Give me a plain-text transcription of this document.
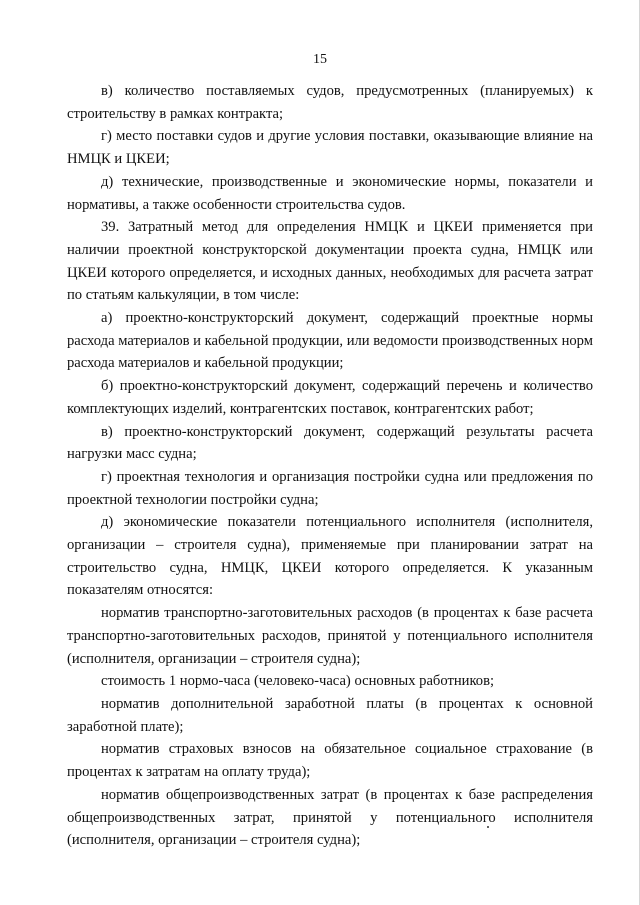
15

в) количество поставляемых судов, предусмотренных (планируемых) к строительству в рамках контракта;

г) место поставки судов и другие условия поставки, оказывающие влияние на НМЦК и ЦКЕИ;

д) технические, производственные и экономические нормы, показатели и нормативы, а также особенности строительства судов.

39. Затратный метод для определения НМЦК и ЦКЕИ применяется при наличии проектной конструкторской документации проекта судна, НМЦК или ЦКЕИ которого определяется, и исходных данных, необходимых для расчета затрат по статьям калькуляции, в том числе:

а) проектно-конструкторский документ, содержащий проектные нормы расхода материалов и кабельной продукции, или ведомости производственных норм расхода материалов и кабельной продукции;

б) проектно-конструкторский документ, содержащий перечень и количество комплектующих изделий, контрагентских поставок, контрагентских работ;

в) проектно-конструкторский документ, содержащий результаты расчета нагрузки масс судна;

г) проектная технология и организация постройки судна или предложения по проектной технологии постройки судна;

д) экономические показатели потенциального исполнителя (исполнителя, организации – строителя судна), применяемые при планировании затрат на строительство судна, НМЦК, ЦКЕИ которого определяется. К указанным показателям относятся:

норматив транспортно-заготовительных расходов (в процентах к базе расчета транспортно-заготовительных расходов, принятой у потенциального исполнителя (исполнителя, организации – строителя судна);

стоимость 1 нормо-часа (человеко-часа) основных работников;

норматив дополнительной заработной платы (в процентах к основной заработной плате);

норматив страховых взносов на обязательное социальное страхование (в процентах к затратам на оплату труда);

норматив общепроизводственных затрат (в процентах к базе распределения общепроизводственных затрат, принятой у потенциального исполнителя (исполнителя, организации – строителя судна);
